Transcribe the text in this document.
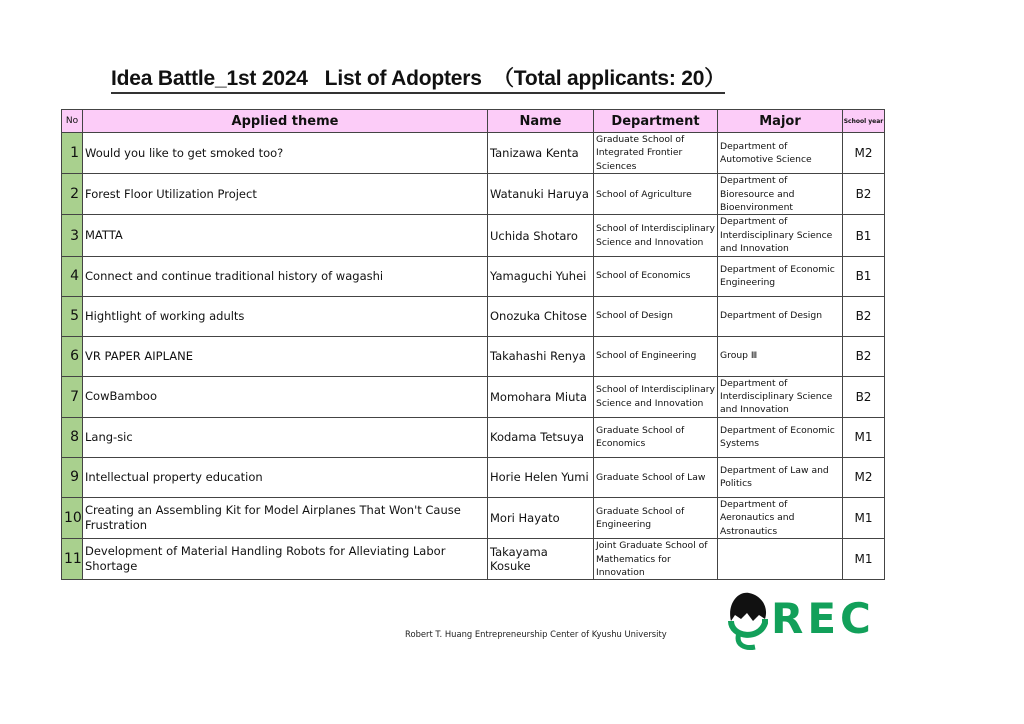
Idea Battle_1st 2024   List of Adopters  （Total applicants: 20）
No	Applied theme	Name	Department	Major	School year
1	Would you like to get smoked too?	Tanizawa Kenta	Graduate School of Integrated Frontier Sciences	Department of Automotive Science	M2
2	Forest Floor Utilization Project	Watanuki Haruya	School of Agriculture	Department of Bioresource and Bioenvironment	B2
3	MATTA	Uchida Shotaro	School of Interdisciplinary Science and Innovation	Department of Interdisciplinary Science and Innovation	B1
4	Connect and continue traditional history of wagashi	Yamaguchi Yuhei	School of Economics	Department of Economic Engineering	B1
5	Hightlight of working adults	Onozuka Chitose	School of Design	Department of Design	B2
6	VR PAPER AIPLANE	Takahashi Renya	School of Engineering	Group Ⅲ	B2
7	CowBamboo	Momohara Miuta	School of Interdisciplinary Science and Innovation	Department of Interdisciplinary Science and Innovation	B2
8	Lang-sic	Kodama Tetsuya	Graduate School of Economics	Department of Economic Systems	M1
9	Intellectual property education	Horie Helen Yumi	Graduate School of Law	Department of Law and Politics	M2
10	Creating an Assembling Kit for Model Airplanes That Won't Cause Frustration	Mori Hayato	Graduate School of Engineering	Department of Aeronautics and Astronautics	M1
11	Development of Material Handling Robots for Alleviating Labor Shortage	Takayama Kosuke	Joint Graduate School of Mathematics for Innovation		M1
Robert T. Huang Entrepreneurship Center of Kyushu University REC
